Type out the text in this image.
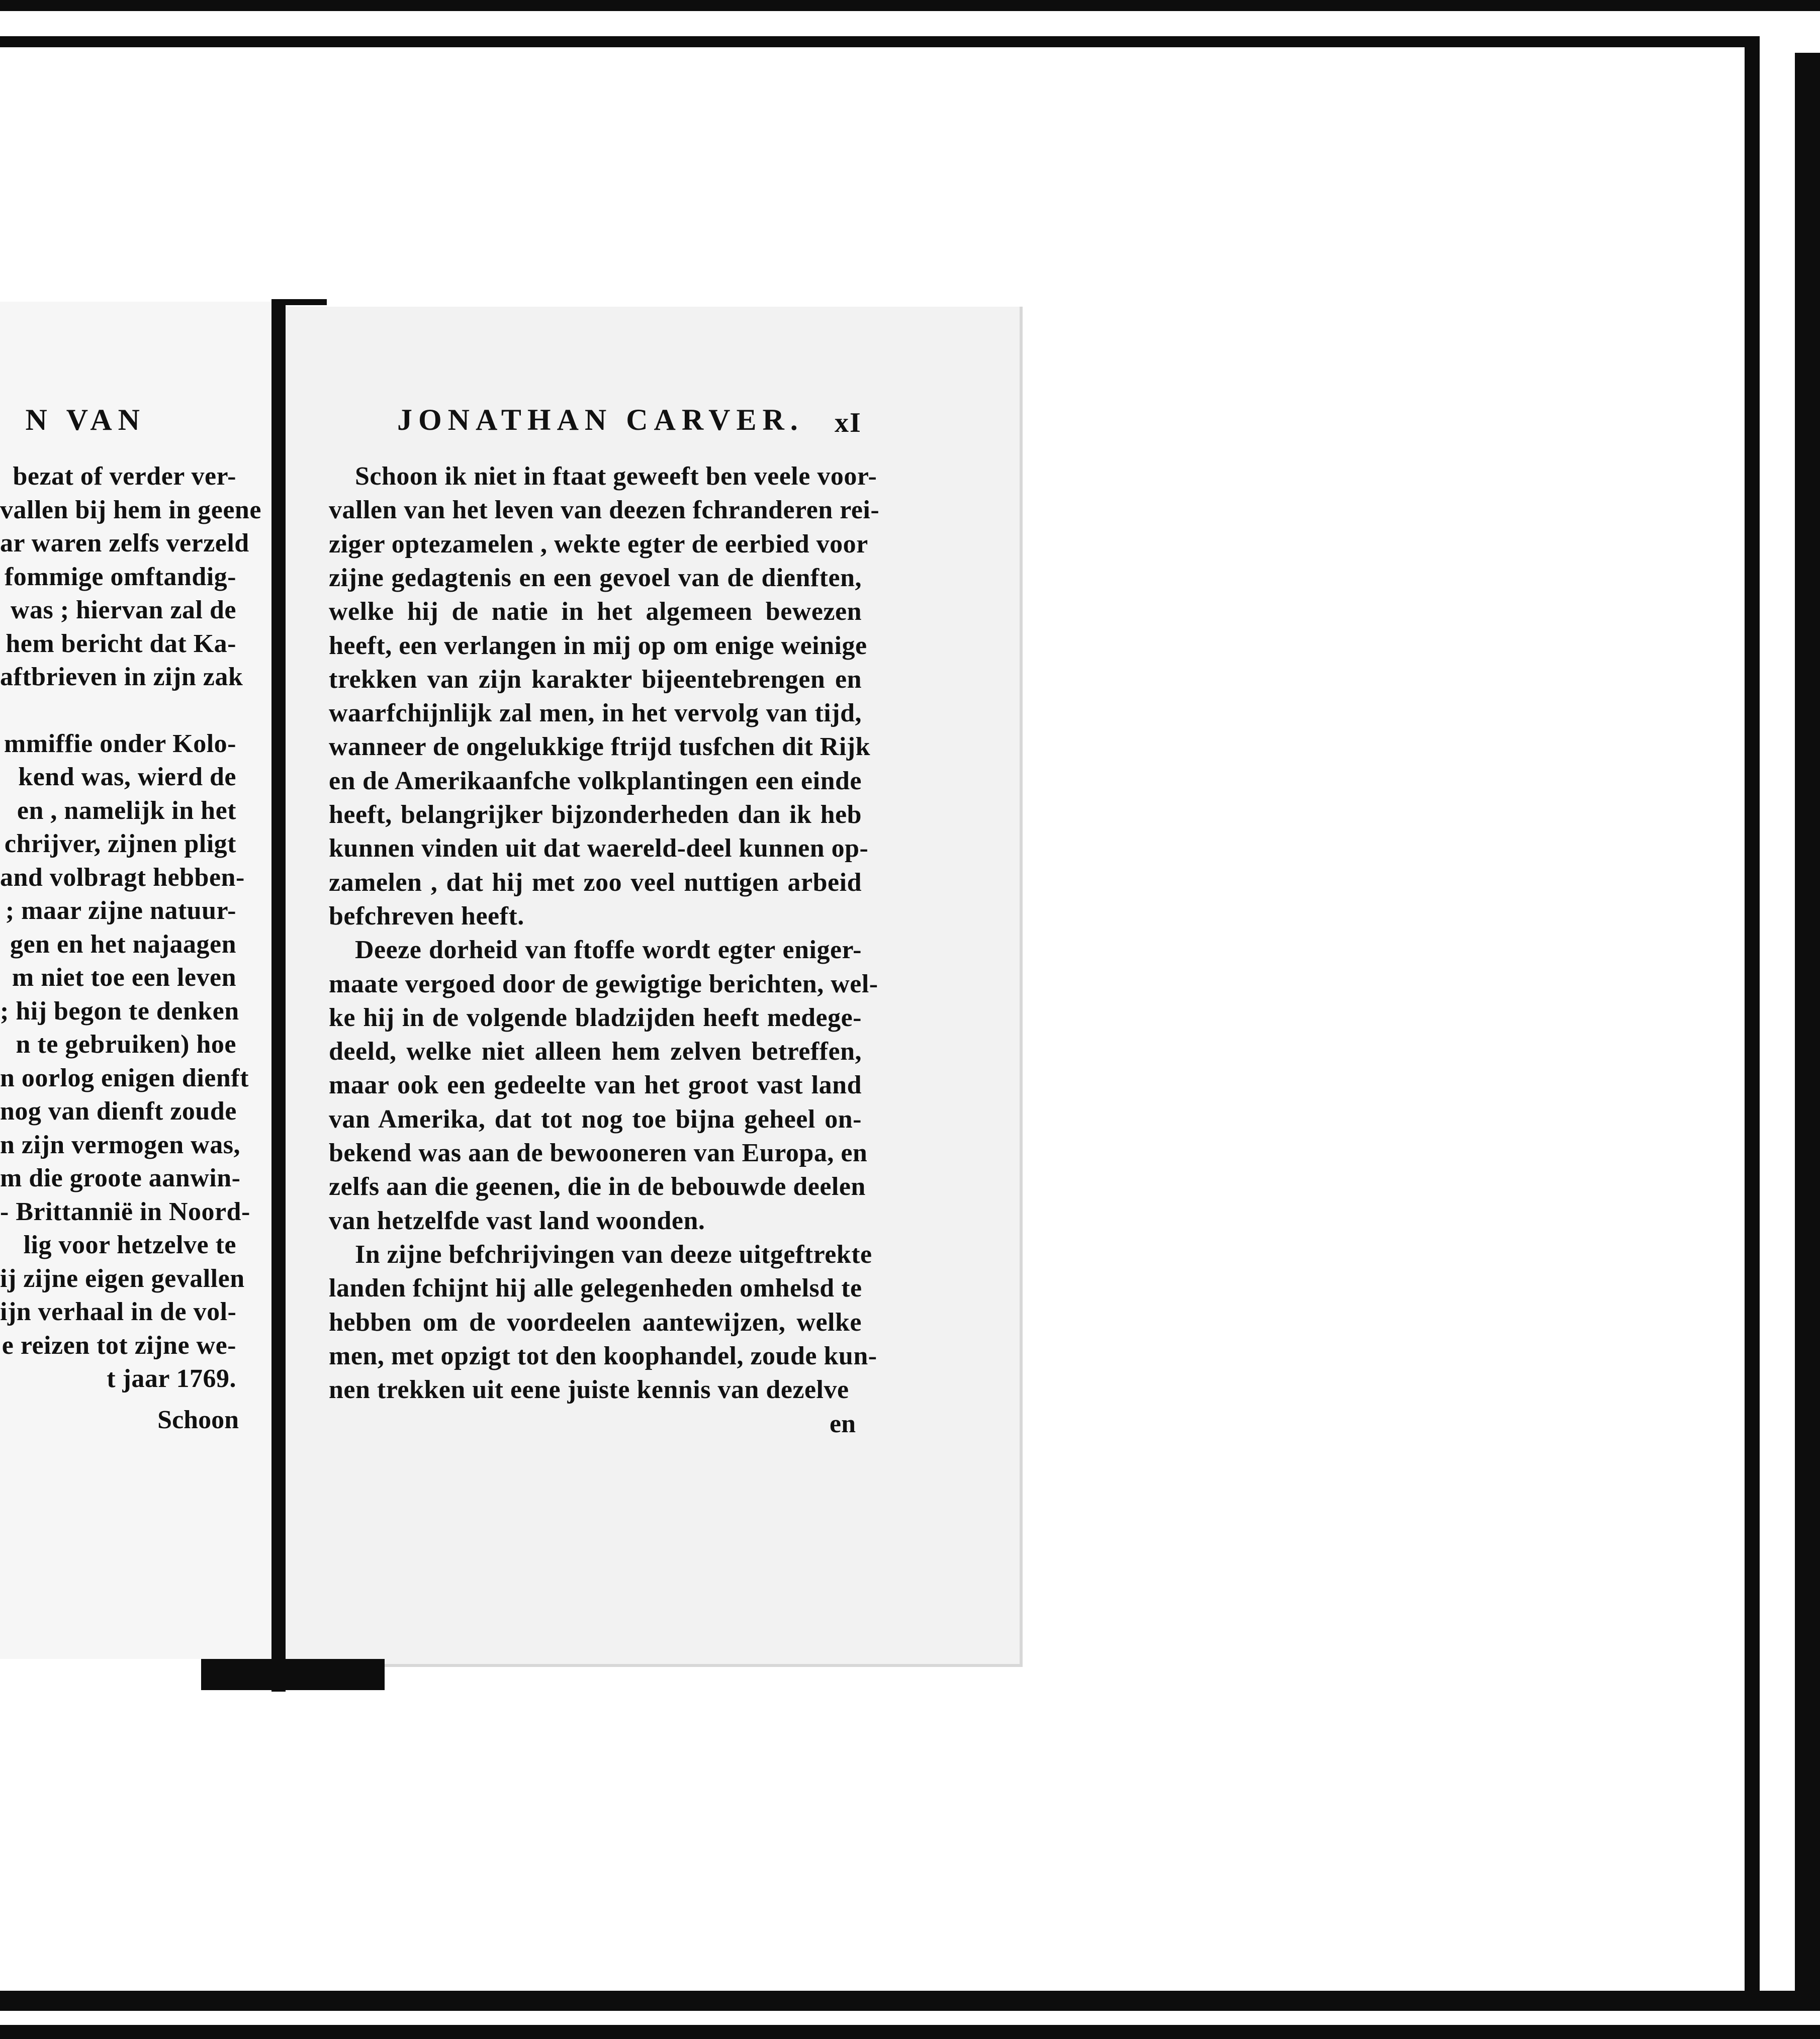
N VAN
bezat of verder ver-
vallen bij hem in geene
ar waren zelfs verzeld
fommige omftandig-
was ; hiervan zal de
hem bericht dat Ka-
aftbrieven in zijn zak
mmiffie onder Kolo-
kend was, wierd de
en , namelijk in het
chrijver, zijnen pligt
and volbragt hebben-
; maar zijne natuur-
gen en het najaagen
m niet toe een leven
; hij begon te denken
n te gebruiken) hoe
n oorlog enigen dienft
nog van dienft zoude
n zijn vermogen was,
m die groote aanwin-
- Brittannië in Noord-
lig voor hetzelve te
ij zijne eigen gevallen
ijn verhaal in de vol-
e reizen tot zijne we-
t jaar 1769.
Schoon
JONATHAN CARVER. xI
Schoon ik niet in ftaat geweeft ben veele voor-
vallen van het leven van deezen fchranderen rei-
ziger optezamelen , wekte egter de eerbied voor
zijne gedagtenis en een gevoel van de dienften,
welke hij de natie in het algemeen bewezen
heeft, een verlangen in mij op om enige weinige
trekken van zijn karakter bijeentebrengen en
waarfchijnlijk zal men, in het vervolg van tijd,
wanneer de ongelukkige ftrijd tusfchen dit Rijk
en de Amerikaanfche volkplantingen een einde
heeft, belangrijker bijzonderheden dan ik heb
kunnen vinden uit dat waereld-deel kunnen op-
zamelen , dat hij met zoo veel nuttigen arbeid
befchreven heeft.
Deeze dorheid van ftoffe wordt egter eniger-
maate vergoed door de gewigtige berichten, wel-
ke hij in de volgende bladzijden heeft medege-
deeld, welke niet alleen hem zelven betreffen,
maar ook een gedeelte van het groot vast land
van Amerika, dat tot nog toe bijna geheel on-
bekend was aan de bewooneren van Europa, en
zelfs aan die geenen, die in de bebouwde deelen
van hetzelfde vast land woonden.
In zijne befchrijvingen van deeze uitgeftrekte
landen fchijnt hij alle gelegenheden omhelsd te
hebben om de voordeelen aantewijzen, welke
men, met opzigt tot den koophandel, zoude kun-
nen trekken uit eene juiste kennis van dezelve
en
